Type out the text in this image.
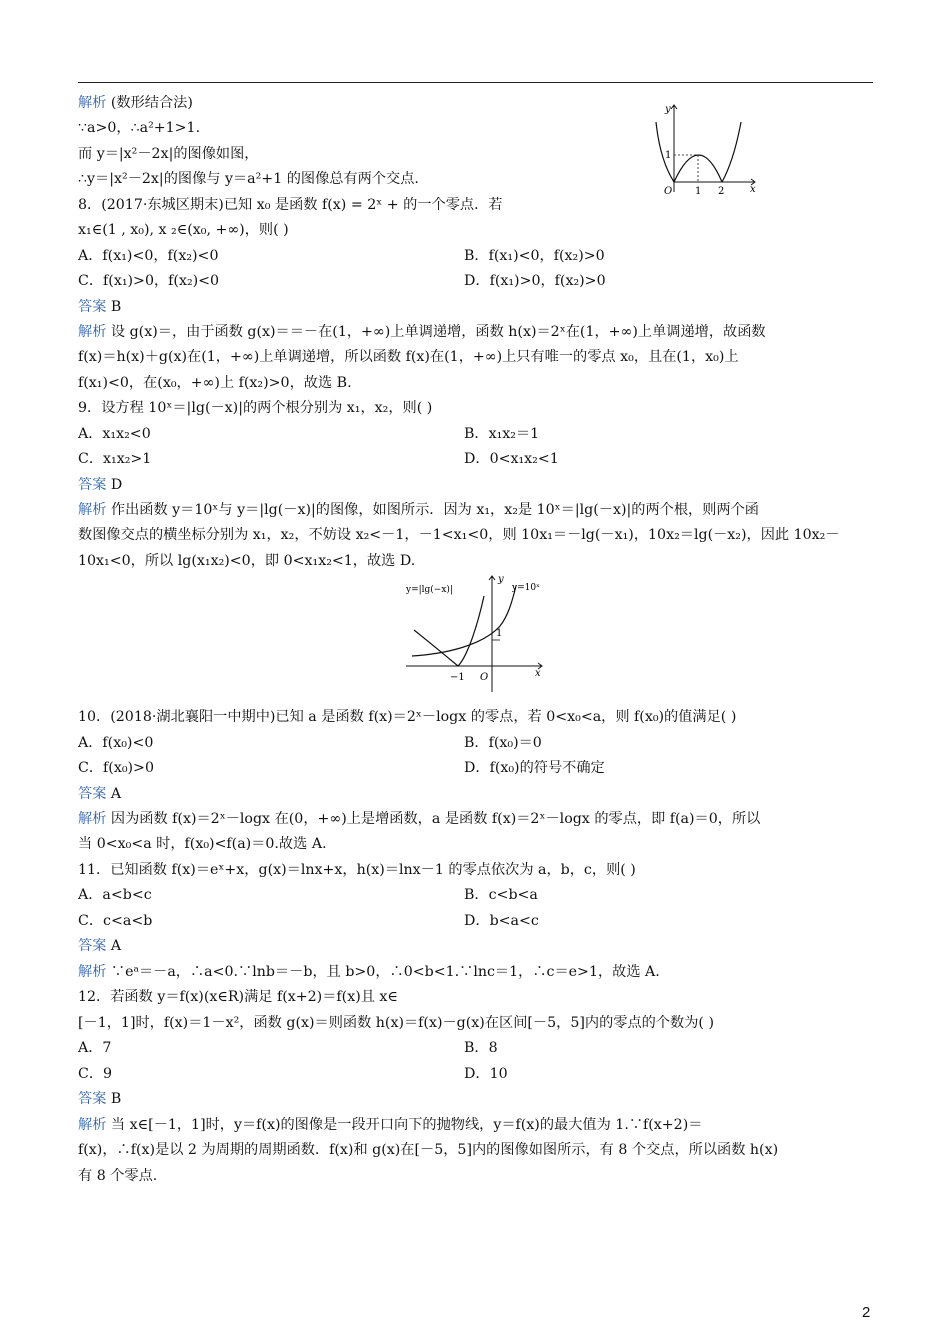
解析 (数形结合法)
∵a>0，∴a²+1>1.
而 y＝|x²－2x|的图像如图，
∴y＝|x²－2x|的图像与 y＝a²+1 的图像总有两个交点.
8．(2017·东城区期末)已知 x₀ 是函数 f(x) = 2ˣ + 的一个零点．若
x₁∈(1 , x₀), x ₂∈(x₀, +∞)，则( )
A．f(x₁)<0，f(x₂)<0	B．f(x₁)<0，f(x₂)>0
C．f(x₁)>0，f(x₂)<0	D．f(x₁)>0，f(x₂)>0
答案 B
解析 设 g(x)＝，由于函数 g(x)＝＝－在(1，+∞)上单调递增，函数 h(x)＝2ˣ在(1，+∞)上单调递增，故函数
f(x)＝h(x)＋g(x)在(1，+∞)上单调递增，所以函数 f(x)在(1，+∞)上只有唯一的零点 x₀，且在(1，x₀)上
f(x₁)<0，在(x₀，+∞)上 f(x₂)>0，故选 B.
9．设方程 10ˣ＝|lg(－x)|的两个根分别为 x₁，x₂，则( )
A．x₁x₂<0	B．x₁x₂＝1
C．x₁x₂>1	D．0<x₁x₂<1
答案 D
解析 作出函数 y＝10ˣ与 y＝|lg(－x)|的图像，如图所示．因为 x₁，x₂是 10ˣ＝|lg(－x)|的两个根，则两个函
数图像交点的横坐标分别为 x₁，x₂，不妨设 x₂<－1，－1<x₁<0，则 10x₁＝－lg(－x₁)，10x₂＝lg(－x₂)，因此 10x₂－
10x₁<0，所以 lg(x₁x₂)<0，即 0<x₁x₂<1，故选 D.
10．(2018·湖北襄阳一中期中)已知 a 是函数 f(x)＝2ˣ－logx 的零点，若 0<x₀<a，则 f(x₀)的值满足( )
A．f(x₀)<0	B．f(x₀)＝0
C．f(x₀)>0	D．f(x₀)的符号不确定
答案 A
解析 因为函数 f(x)＝2ˣ－logx 在(0，+∞)上是增函数，a 是函数 f(x)＝2ˣ－logx 的零点，即 f(a)＝0，所以
当 0<x₀<a 时，f(x₀)<f(a)＝0.故选 A.
11．已知函数 f(x)＝eˣ+x，g(x)＝lnx+x，h(x)＝lnx－1 的零点依次为 a，b，c，则( )
A．a<b<c	B．c<b<a
C．c<a<b	D．b<a<c
答案 A
解析 ∵eᵃ＝－a，∴a<0.∵lnb＝－b，且 b>0，∴0<b<1.∵lnc＝1，∴c＝e>1，故选 A.
12．若函数 y＝f(x)(x∈R)满足 f(x+2)＝f(x)且 x∈
[－1，1]时，f(x)＝1－x²，函数 g(x)＝则函数 h(x)＝f(x)－g(x)在区间[－5，5]内的零点的个数为( )
A．7	B．8
C．9	D．10
答案 B
解析 当 x∈[－1，1]时，y＝f(x)的图像是一段开口向下的抛物线，y＝f(x)的最大值为 1.∵f(x+2)＝
f(x)，∴f(x)是以 2 为周期的周期函数．f(x)和 g(x)在[－5，5]内的图像如图所示，有 8 个交点，所以函数 h(x)
有 8 个零点.
y
1
O 1 2	x
y=|lg(−x)|	y=10ˣ
y
1
−1 O	x
2
